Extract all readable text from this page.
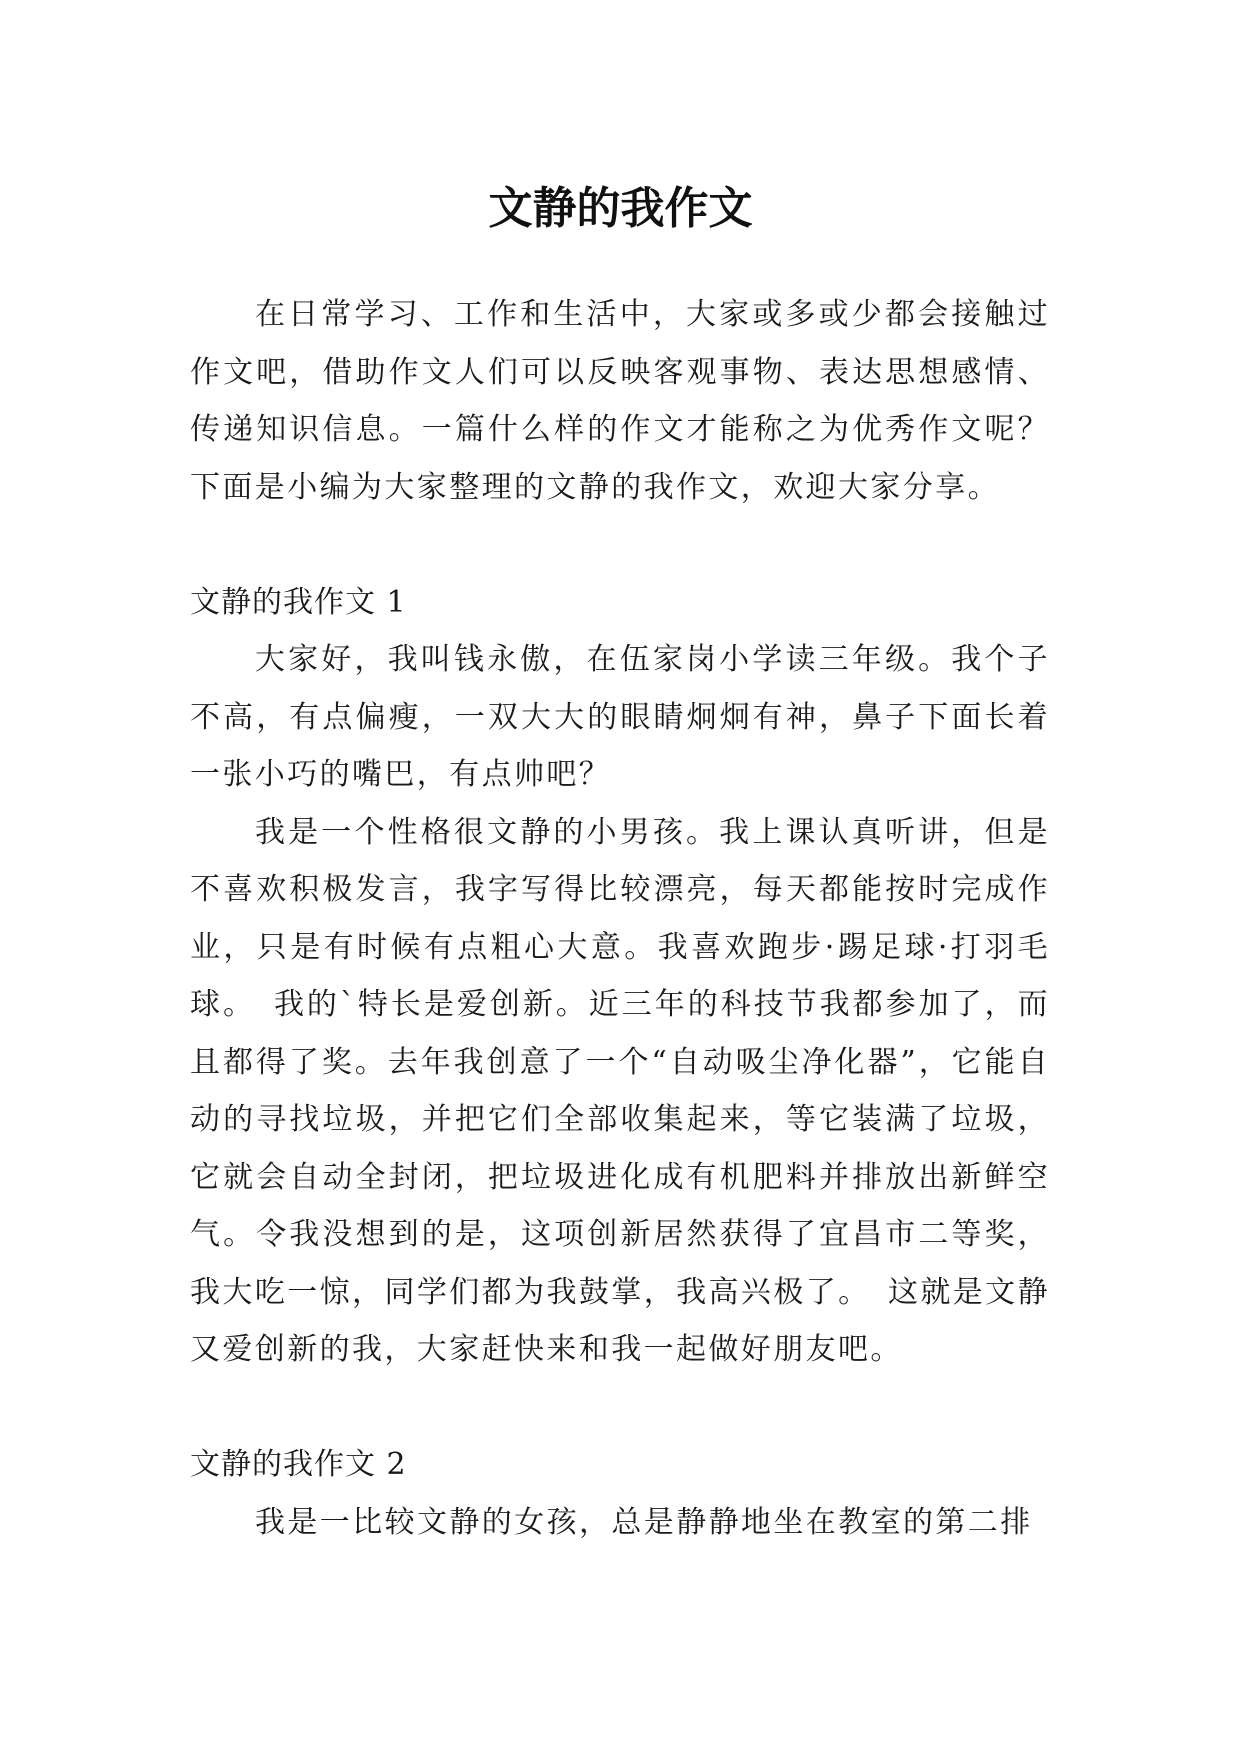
文静的我作文

在日常学习、工作和生活中，大家或多或少都会接触过作文吧，借助作文人们可以反映客观事物、表达思想感情、传递知识信息。一篇什么样的作文才能称之为优秀作文呢？下面是小编为大家整理的文静的我作文，欢迎大家分享。

文静的我作文 1

大家好，我叫钱永傲，在伍家岗小学读三年级。我个子不高，有点偏瘦，一双大大的眼睛炯炯有神，鼻子下面长着一张小巧的嘴巴，有点帅吧？

我是一个性格很文静的小男孩。我上课认真听讲，但是不喜欢积极发言，我字写得比较漂亮，每天都能按时完成作业，只是有时候有点粗心大意。我喜欢跑步·踢足球·打羽毛球。　我的`特长是爱创新。近三年的科技节我都参加了，而且都得了奖。去年我创意了一个“自动吸尘净化器”，它能自动的寻找垃圾，并把它们全部收集起来，等它装满了垃圾，它就会自动全封闭，把垃圾进化成有机肥料并排放出新鲜空气。令我没想到的是，这项创新居然获得了宜昌市二等奖，我大吃一惊，同学们都为我鼓掌，我高兴极了。　这就是文静又爱创新的我，大家赶快来和我一起做好朋友吧。

文静的我作文 2

我是一比较文静的女孩，总是静静地坐在教室的第二排
